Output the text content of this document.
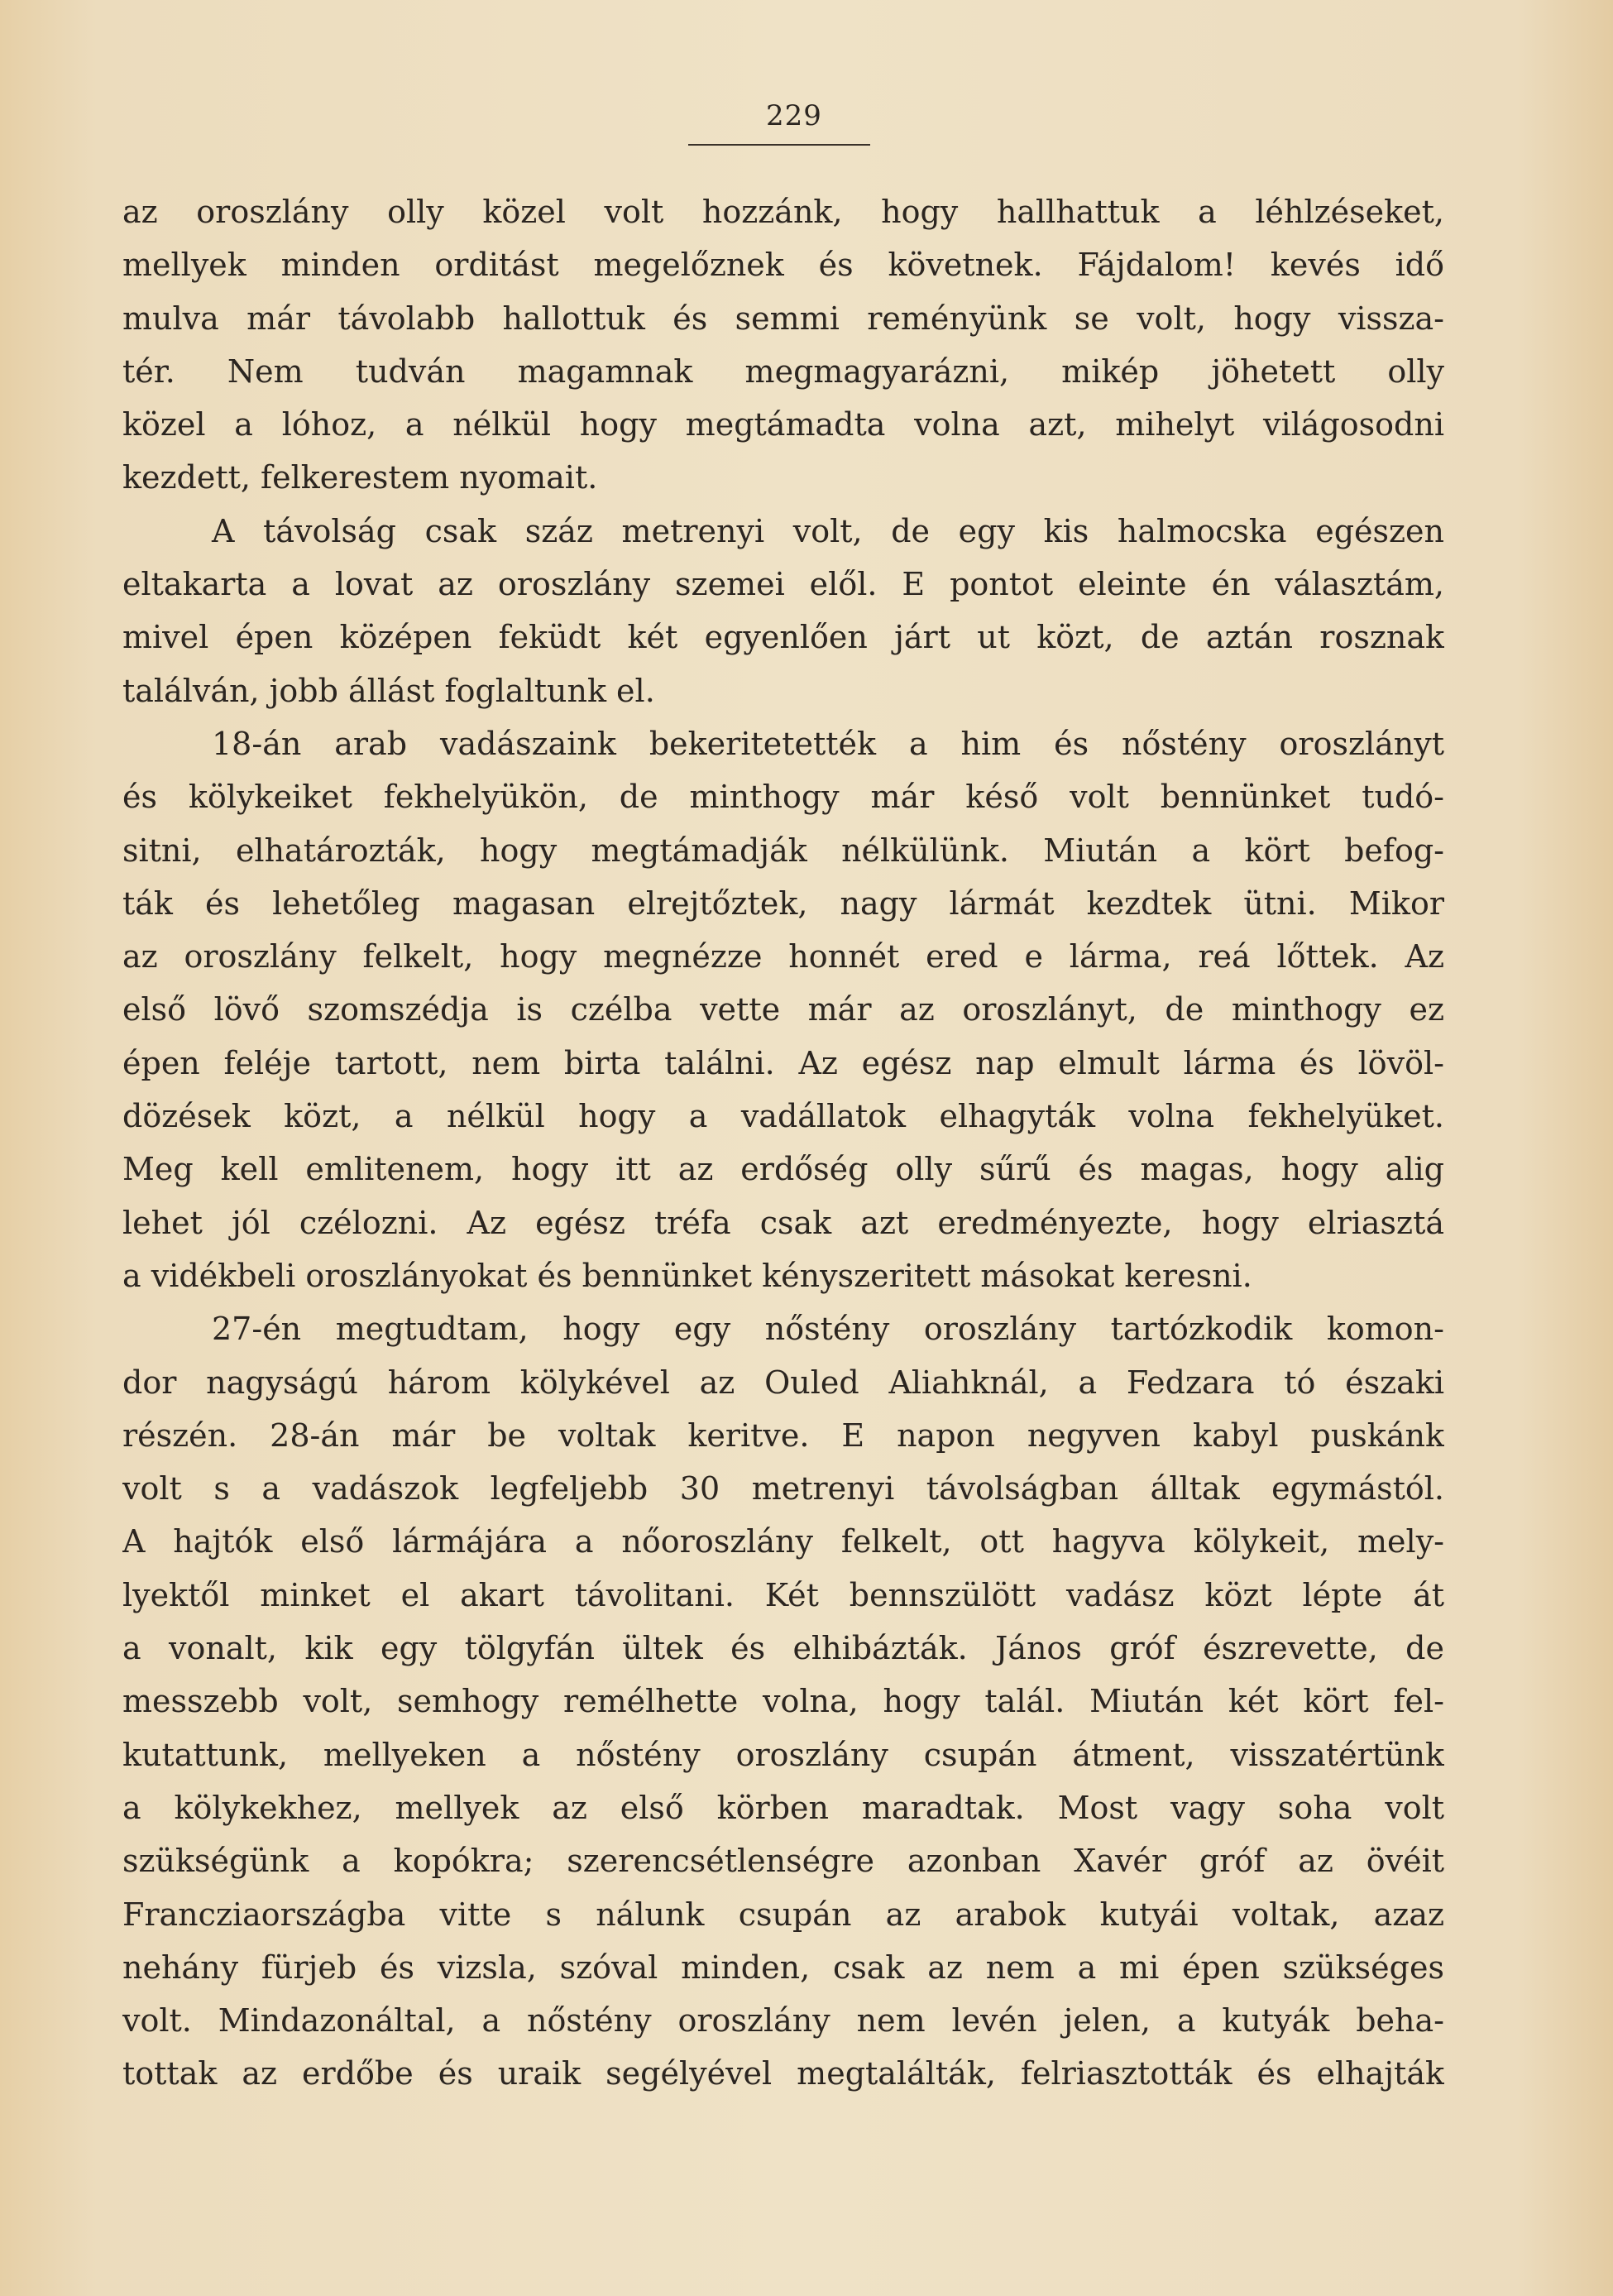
229
az oroszlány olly közel volt hozzánk, hogy hallhattuk a léhlzéseket,
mellyek minden orditást megelőznek és követnek. Fájdalom! kevés idő
mulva már távolabb hallottuk és semmi reményünk se volt, hogy vissza-
tér. Nem tudván magamnak megmagyarázni, mikép jöhetett olly
közel a lóhoz, a nélkül hogy megtámadta volna azt, mihelyt világosodni
kezdett, felkerestem nyomait.
A távolság csak száz metrenyi volt, de egy kis halmocska egészen
eltakarta a lovat az oroszlány szemei elől. E pontot eleinte én választám,
mivel épen középen feküdt két egyenlően járt ut közt, de aztán rosznak
találván, jobb állást foglaltunk el.
18-án arab vadászaink bekeritetették a him és nőstény oroszlányt
és kölykeiket fekhelyükön, de minthogy már késő volt bennünket tudó-
sitni, elhatározták, hogy megtámadják nélkülünk. Miután a kört befog-
ták és lehetőleg magasan elrejtőztek, nagy lármát kezdtek ütni. Mikor
az oroszlány felkelt, hogy megnézze honnét ered e lárma, reá lőttek. Az
első lövő szomszédja is czélba vette már az oroszlányt, de minthogy ez
épen feléje tartott, nem birta találni. Az egész nap elmult lárma és lövöl-
dözések közt, a nélkül hogy a vadállatok elhagyták volna fekhelyüket.
Meg kell emlitenem, hogy itt az erdőség olly sűrű és magas, hogy alig
lehet jól czélozni. Az egész tréfa csak azt eredményezte, hogy elriasztá
a vidékbeli oroszlányokat és bennünket kényszeritett másokat keresni.
27-én megtudtam, hogy egy nőstény oroszlány tartózkodik komon-
dor nagyságú három kölykével az Ouled Aliahknál, a Fedzara tó északi
részén. 28-án már be voltak keritve. E napon negyven kabyl puskánk
volt s a vadászok legfeljebb 30 metrenyi távolságban álltak egymástól.
A hajtók első lármájára a nőoroszlány felkelt, ott hagyva kölykeit, mely-
lyektől minket el akart távolitani. Két bennszülött vadász közt lépte át
a vonalt, kik egy tölgyfán ültek és elhibázták. János gróf észrevette, de
messzebb volt, semhogy remélhette volna, hogy talál. Miután két kört fel-
kutattunk, mellyeken a nőstény oroszlány csupán átment, visszatértünk
a kölykekhez, mellyek az első körben maradtak. Most vagy soha volt
szükségünk a kopókra; szerencsétlenségre azonban Xavér gróf az övéit
Francziaországba vitte s nálunk csupán az arabok kutyái voltak, azaz
nehány fürjeb és vizsla, szóval minden, csak az nem a mi épen szükséges
volt. Mindazonáltal, a nőstény oroszlány nem levén jelen, a kutyák beha-
tottak az erdőbe és uraik segélyével megtalálták, felriasztották és elhajták
